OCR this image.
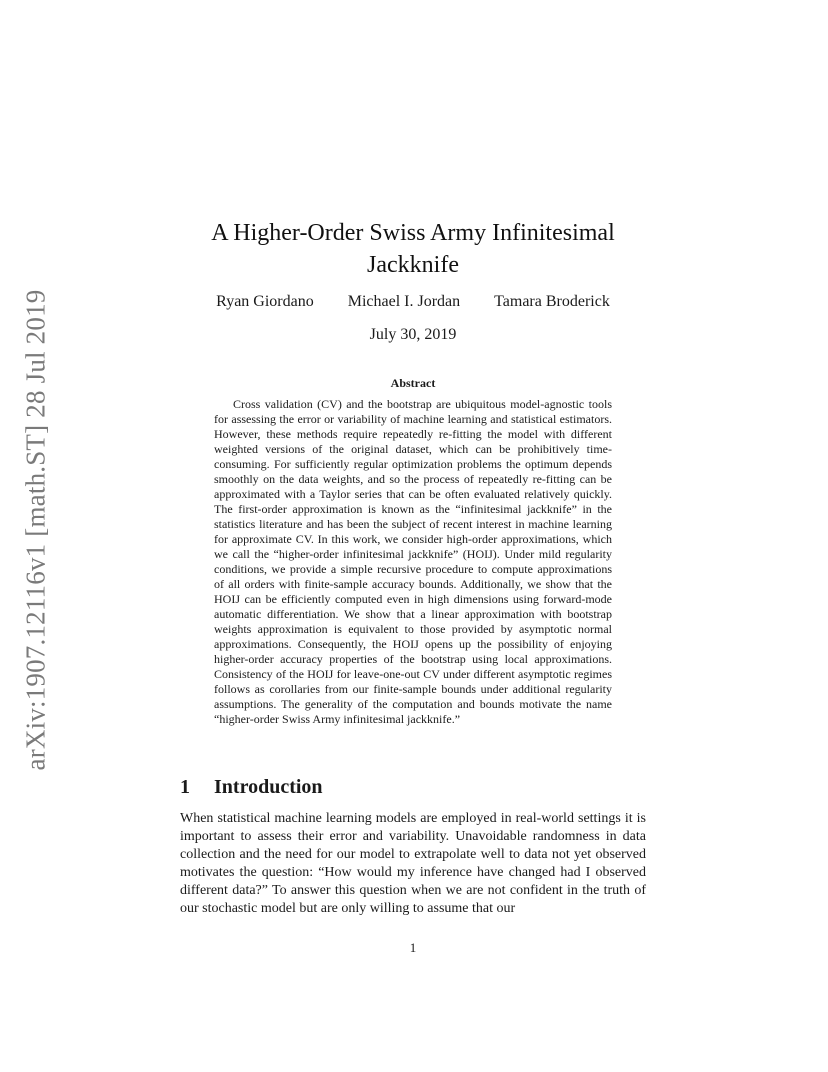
arXiv:1907.12116v1 [math.ST] 28 Jul 2019
A Higher-Order Swiss Army Infinitesimal Jackknife
Ryan Giordano Michael I. Jordan Tamara Broderick
July 30, 2019
Abstract

Cross validation (CV) and the bootstrap are ubiquitous model-agnostic tools for assessing the error or variability of machine learning and statistical estimators. However, these methods require repeatedly re-fitting the model with different weighted versions of the original dataset, which can be prohibitively time-consuming. For sufficiently regular optimization problems the optimum depends smoothly on the data weights, and so the process of repeatedly re-fitting can be approximated with a Taylor series that can be often evaluated relatively quickly. The first-order approximation is known as the “infinitesimal jackknife” in the statistics literature and has been the subject of recent interest in machine learning for approximate CV. In this work, we consider high-order approximations, which we call the “higher-order infinitesimal jackknife” (HOIJ). Under mild regularity conditions, we provide a simple recursive procedure to compute approximations of all orders with finite-sample accuracy bounds. Additionally, we show that the HOIJ can be efficiently computed even in high dimensions using forward-mode automatic differentiation. We show that a linear approximation with bootstrap weights approximation is equivalent to those provided by asymptotic normal approximations. Consequently, the HOIJ opens up the possibility of enjoying higher-order accuracy properties of the bootstrap using local approximations. Consistency of the HOIJ for leave-one-out CV under different asymptotic regimes follows as corollaries from our finite-sample bounds under additional regularity assumptions. The generality of the computation and bounds motivate the name “higher-order Swiss Army infinitesimal jackknife.”

1 Introduction

When statistical machine learning models are employed in real-world settings it is important to assess their error and variability. Unavoidable randomness in data collection and the need for our model to extrapolate well to data not yet observed motivates the question: “How would my inference have changed had I observed different data?” To answer this question when we are not confident in the truth of our stochastic model but are only willing to assume that our

1
